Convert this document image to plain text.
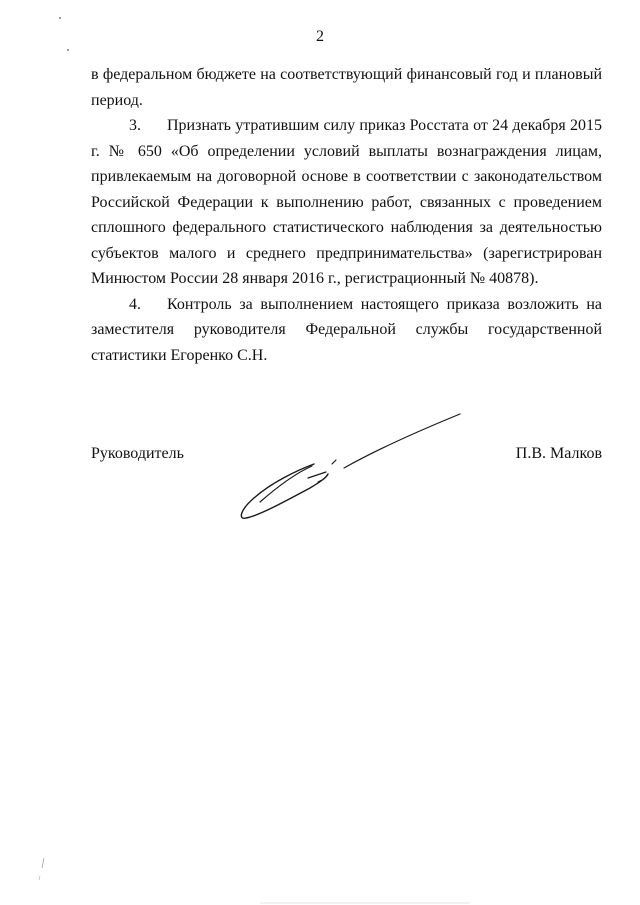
2

в федеральном бюджете на соответствующий финансовый год и плановый период.

3. Признать утратившим силу приказ Росстата от 24 декабря 2015 г. № 650 «Об определении условий выплаты вознаграждения лицам, привлекаемым на договорной основе в соответствии с законодательством Российской Федерации к выполнению работ, связанных с проведением сплошного федерального статистического наблюдения за деятельностью субъектов малого и среднего предпринимательства» (зарегистрирован Минюстом России 28 января 2016 г., регистрационный № 40878).

4. Контроль за выполнением настоящего приказа возложить на заместителя руководителя Федеральной службы государственной статистики Егоренко С.Н.

Руководитель	П.В. Малков
